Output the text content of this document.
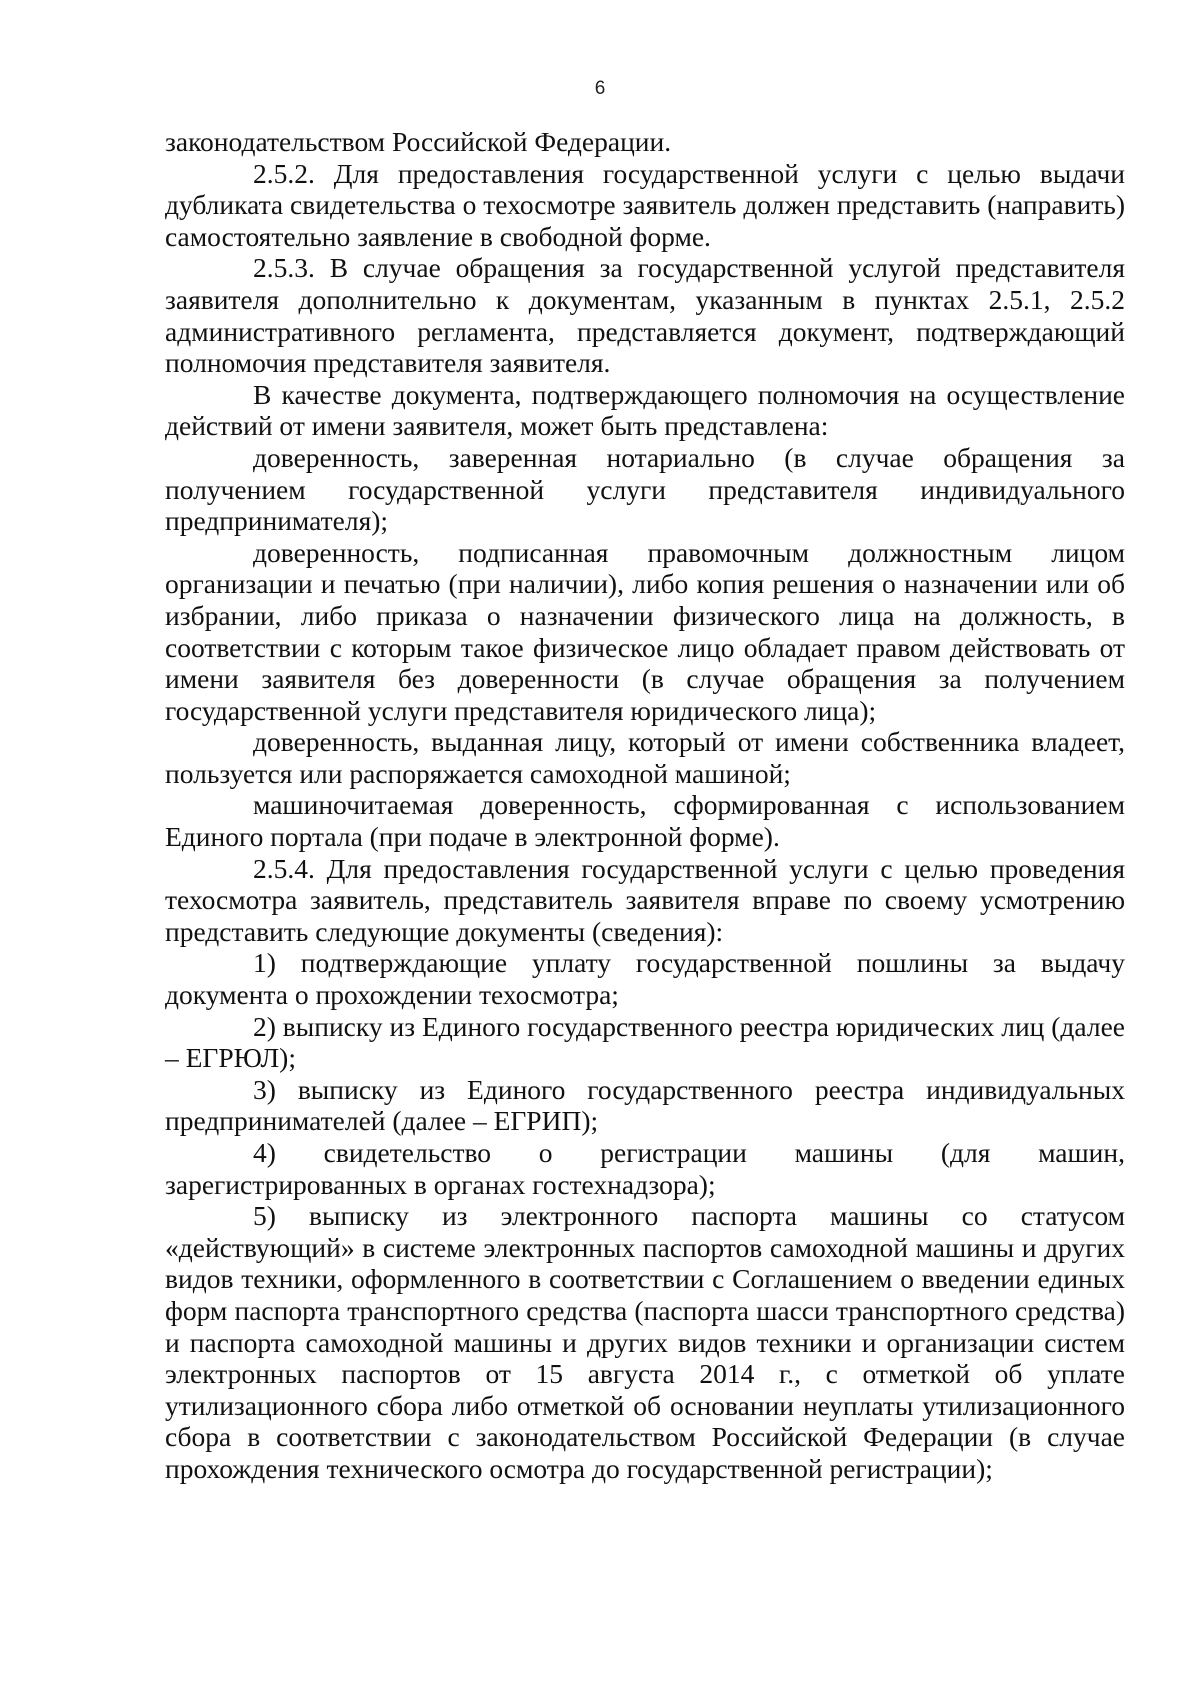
6

законодательством Российской Федерации.

2.5.2. Для предоставления государственной услуги с целью выдачи дубликата свидетельства о техосмотре заявитель должен представить (направить) самостоятельно заявление в свободной форме.

2.5.3. В случае обращения за государственной услугой представителя заявителя дополнительно к документам, указанным в пунктах 2.5.1, 2.5.2 административного регламента, представляется документ, подтверждающий полномочия представителя заявителя.

В качестве документа, подтверждающего полномочия на осуществление действий от имени заявителя, может быть представлена:

доверенность, заверенная нотариально (в случае обращения за получением государственной услуги представителя индивидуального предпринимателя);

доверенность, подписанная правомочным должностным лицом организации и печатью (при наличии), либо копия решения о назначении или об избрании, либо приказа о назначении физического лица на должность, в соответствии с которым такое физическое лицо обладает правом действовать от имени заявителя без доверенности (в случае обращения за получением государственной услуги представителя юридического лица);

доверенность, выданная лицу, который от имени собственника владеет, пользуется или распоряжается самоходной машиной;

машиночитаемая доверенность, сформированная с использованием Единого портала (при подаче в электронной форме).

2.5.4. Для предоставления государственной услуги с целью проведения техосмотра заявитель, представитель заявителя вправе по своему усмотрению представить следующие документы (сведения):

1) подтверждающие уплату государственной пошлины за выдачу документа о прохождении техосмотра;

2) выписку из Единого государственного реестра юридических лиц (далее – ЕГРЮЛ);

3) выписку из Единого государственного реестра индивидуальных предпринимателей (далее – ЕГРИП);

4) свидетельство о регистрации машины (для машин, зарегистрированных в органах гостехнадзора);

5) выписку из электронного паспорта машины со статусом «действующий» в системе электронных паспортов самоходной машины и других видов техники, оформленного в соответствии с Соглашением о введении единых форм паспорта транспортного средства (паспорта шасси транспортного средства) и паспорта самоходной машины и других видов техники и организации систем электронных паспортов от 15 августа 2014 г., с отметкой об уплате утилизационного сбора либо отметкой об основании неуплаты утилизационного сбора в соответствии с законодательством Российской Федерации (в случае прохождения технического осмотра до государственной регистрации);
